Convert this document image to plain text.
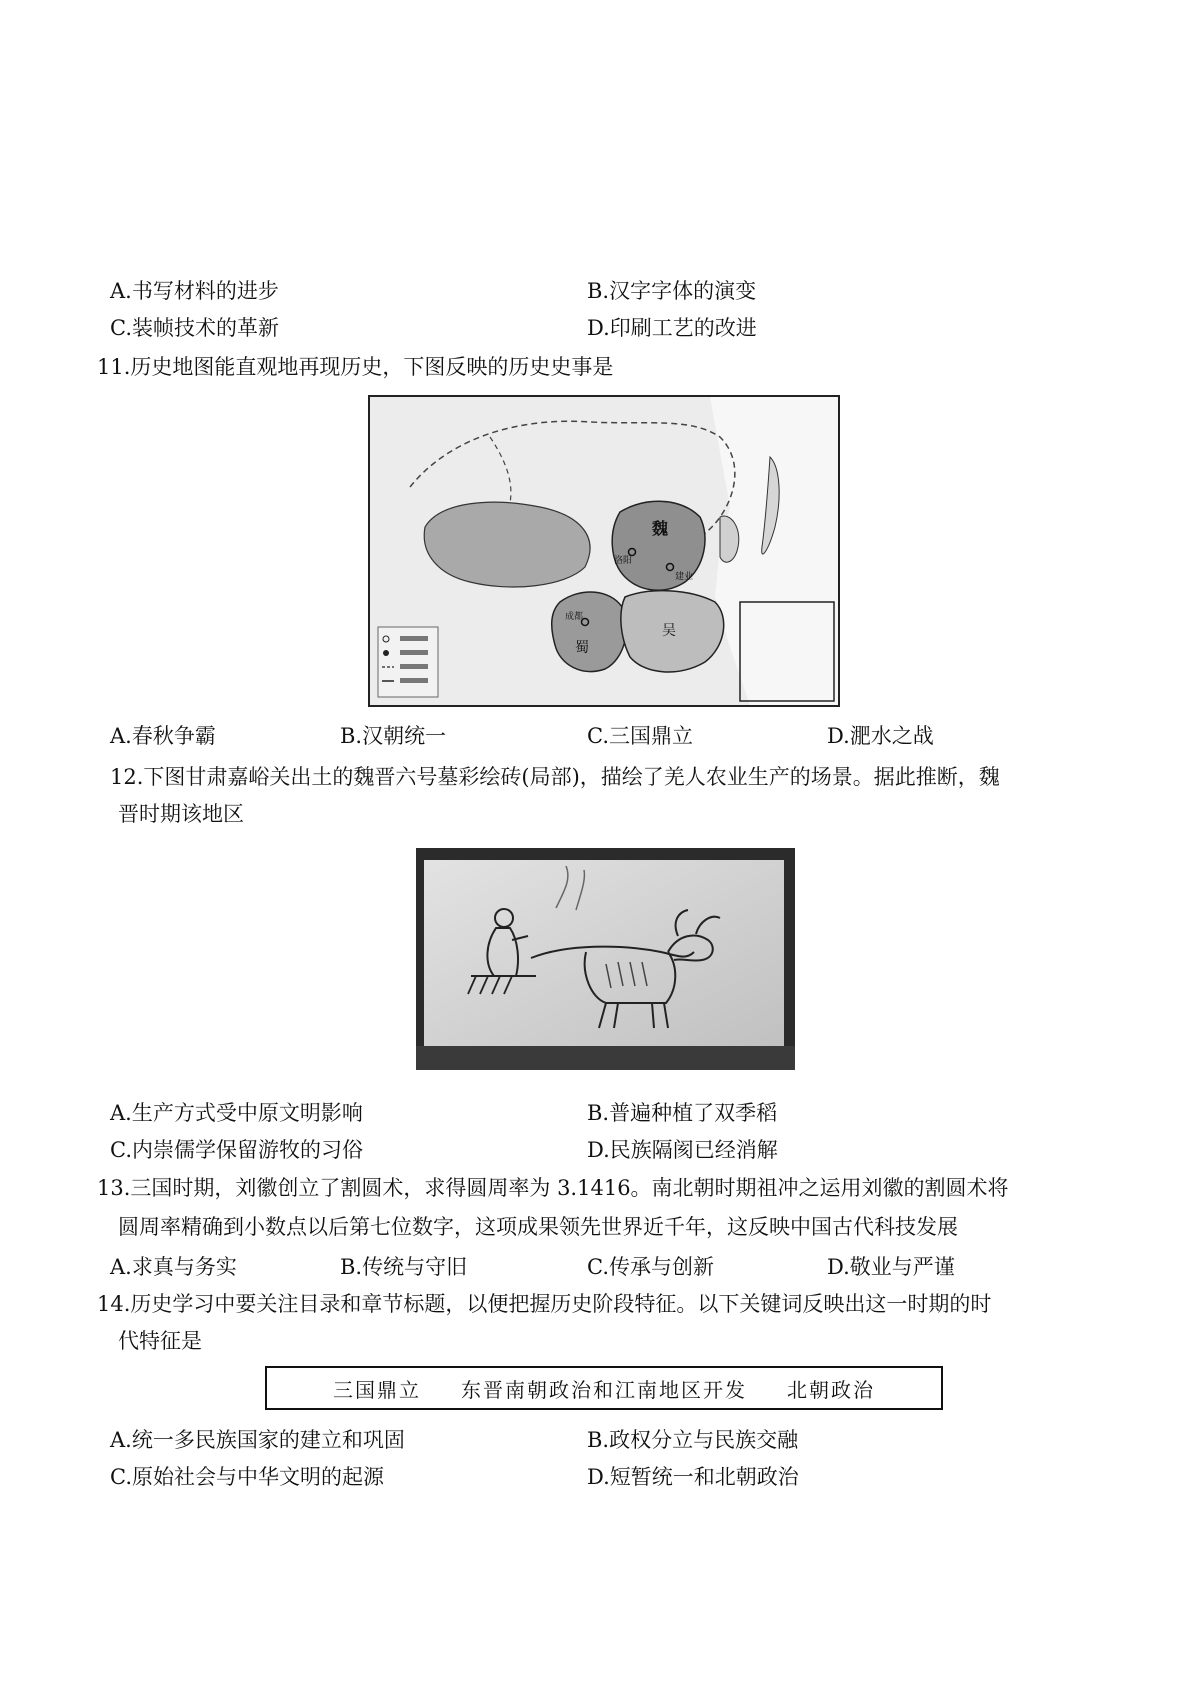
A.书写材料的进步	B.汉字字体的演变
C.装帧技术的革新	D.印刷工艺的改进
11.历史地图能直观地再现历史，下图反映的历史史事是
魏
蜀
吴
洛阳
建业
成都
A.春秋争霸	B.汉朝统一	C.三国鼎立	D.淝水之战
12.下图甘肃嘉峪关出土的魏晋六号墓彩绘砖(局部)，描绘了羌人农业生产的场景。据此推断，魏
晋时期该地区
A.生产方式受中原文明影响	B.普遍种植了双季稻
C.内崇儒学保留游牧的习俗	D.民族隔阂已经消解
13.三国时期，刘徽创立了割圆术，求得圆周率为 3.1416。南北朝时期祖冲之运用刘徽的割圆术将
圆周率精确到小数点以后第七位数字，这项成果领先世界近千年，这反映中国古代科技发展
A.求真与务实	B.传统与守旧	C.传承与创新	D.敬业与严谨
14.历史学习中要关注目录和章节标题，以便把握历史阶段特征。以下关键词反映出这一时期的时
代特征是
三国鼎立 东晋南朝政治和江南地区开发 北朝政治
A.统一多民族国家的建立和巩固	B.政权分立与民族交融
C.原始社会与中华文明的起源	D.短暂统一和北朝政治
